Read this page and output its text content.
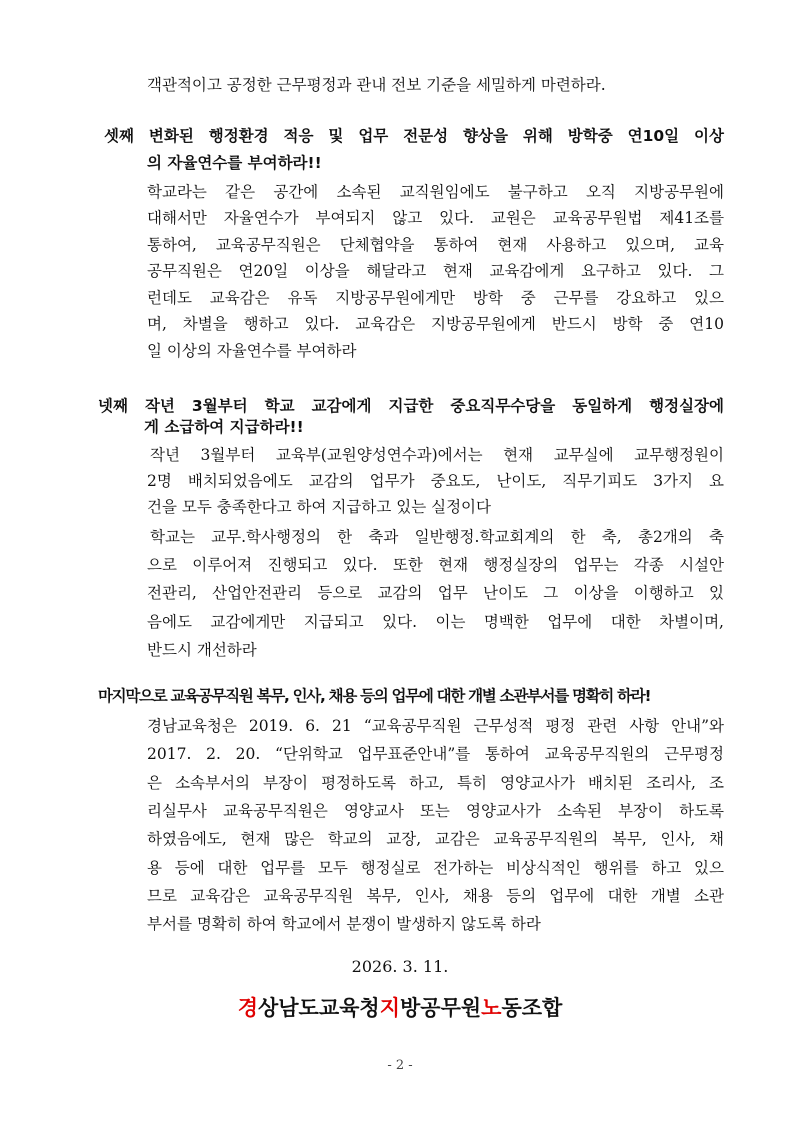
객관적이고 공정한 근무평정과 관내 전보 기준을 세밀하게 마련하라.
셋째 변화된 행정환경 적응 및 업무 전문성 향상을 위해 방학중 연10일 이상
의 자율연수를 부여하라!!
학교라는 같은 공간에 소속된 교직원임에도 불구하고 오직 지방공무원에
대해서만 자율연수가 부여되지 않고 있다. 교원은 교육공무원법 제41조를
통하여, 교육공무직원은 단체협약을 통하여 현재 사용하고 있으며, 교육
공무직원은 연20일 이상을 해달라고 현재 교육감에게 요구하고 있다. 그
런데도 교육감은 유독 지방공무원에게만 방학 중 근무를 강요하고 있으
며, 차별을 행하고 있다. 교육감은 지방공무원에게 반드시 방학 중 연10
일 이상의 자율연수를 부여하라
넷째 작년 3월부터 학교 교감에게 지급한 중요직무수당을 동일하게 행정실장에
게 소급하여 지급하라!!
작년 3월부터 교육부(교원양성연수과)에서는 현재 교무실에 교무행정원이
2명 배치되었음에도 교감의 업무가 중요도, 난이도, 직무기피도 3가지 요
건을 모두 충족한다고 하여 지급하고 있는 실정이다
학교는 교무.학사행정의 한 축과 일반행정.학교회계의 한 축, 총2개의 축
으로 이루어져 진행되고 있다. 또한 현재 행정실장의 업무는 각종 시설안
전관리, 산업안전관리 등으로 교감의 업무 난이도 그 이상을 이행하고 있
음에도 교감에게만 지급되고 있다. 이는 명백한 업무에 대한 차별이며,
반드시 개선하라
마지막으로 교육공무직원 복무, 인사, 채용 등의 업무에 대한 개별 소관부서를 명확히 하라!
경남교육청은 2019. 6. 21 “교육공무직원 근무성적 평정 관련 사항 안내”와
2017. 2. 20. “단위학교 업무표준안내”를 통하여 교육공무직원의 근무평정
은 소속부서의 부장이 평정하도록 하고, 특히 영양교사가 배치된 조리사, 조
리실무사 교육공무직원은 영양교사 또는 영양교사가 소속된 부장이 하도록
하였음에도, 현재 많은 학교의 교장, 교감은 교육공무직원의 복무, 인사, 채
용 등에 대한 업무를 모두 행정실로 전가하는 비상식적인 행위를 하고 있으
므로 교육감은 교육공무직원 복무, 인사, 채용 등의 업무에 대한 개별 소관
부서를 명확히 하여 학교에서 분쟁이 발생하지 않도록 하라
2026. 3. 11.
경상남도교육청지방공무원노동조합
- 2 -
